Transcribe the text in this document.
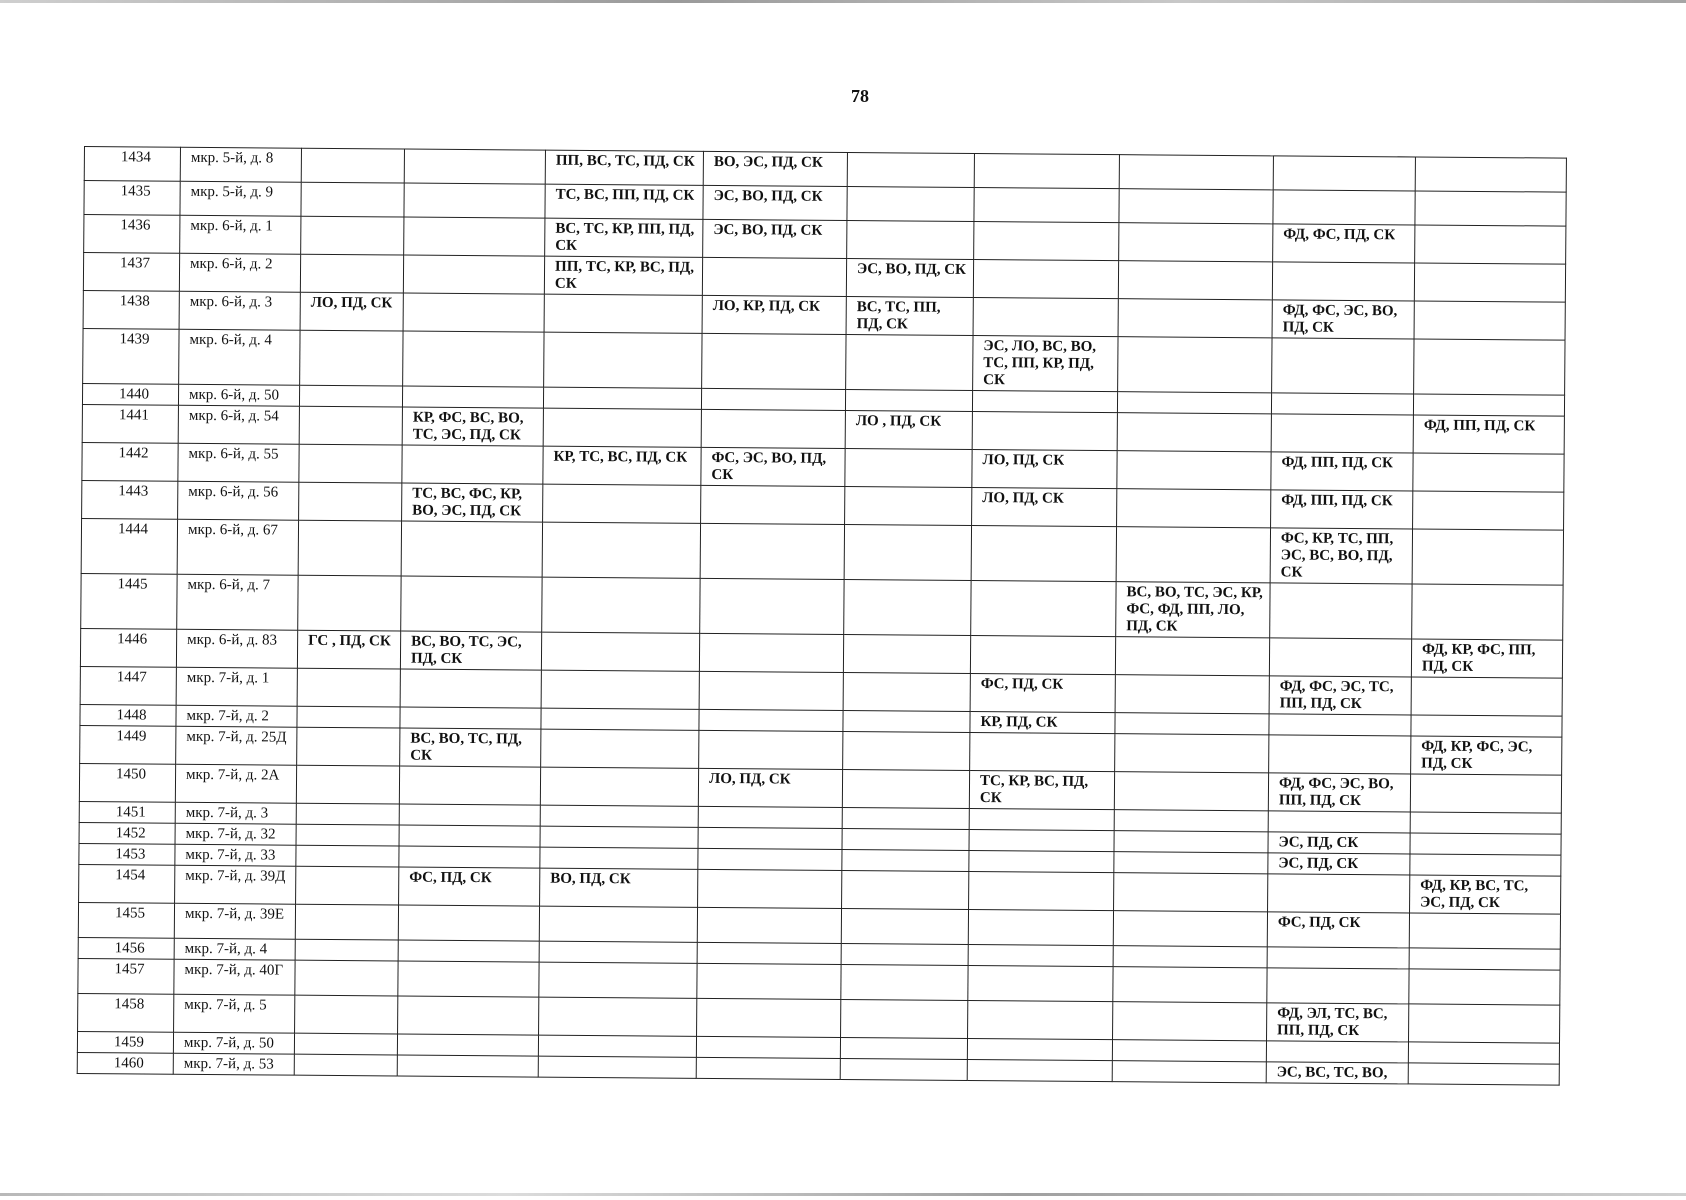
78
1434	мкр. 5-й, д. 8			ПП, ВС, ТС, ПД, СК	ВО, ЭС, ПД, СК					
1435	мкр. 5-й, д. 9			ТС, ВС, ПП, ПД, СК	ЭС, ВО, ПД, СК					
1436	мкр. 6-й, д. 1			ВС, ТС, КР, ПП, ПД, СК	ЭС, ВО, ПД, СК				ФД, ФС, ПД, СК	
1437	мкр. 6-й, д. 2			ПП, ТС, КР, ВС, ПД, СК		ЭС, ВО, ПД, СК				
1438	мкр. 6-й, д. 3	ЛО, ПД, СК			ЛО, КР, ПД, СК	ВС, ТС, ПП, ПД, СК			ФД, ФС, ЭС, ВО, ПД, СК	
1439	мкр. 6-й, д. 4						ЭС, ЛО, ВС, ВО, ТС, ПП, КР, ПД, СК			
1440	мкр. 6-й, д. 50									
1441	мкр. 6-й, д. 54		КР, ФС, ВС, ВО, ТС, ЭС, ПД, СК			ЛО , ПД, СК				ФД, ПП, ПД, СК
1442	мкр. 6-й, д. 55			КР, ТС, ВС, ПД, СК	ФС, ЭС, ВО, ПД, СК		ЛО, ПД, СК		ФД, ПП, ПД, СК	
1443	мкр. 6-й, д. 56		ТС, ВС, ФС, КР, ВО, ЭС, ПД, СК				ЛО, ПД, СК		ФД, ПП, ПД, СК	
1444	мкр. 6-й, д. 67								ФС, КР, ТС, ПП, ЭС, ВС, ВО, ПД, СК	
1445	мкр. 6-й, д. 7							ВС, ВО, ТС, ЭС, КР, ФС, ФД, ПП, ЛО, ПД, СК		
1446	мкр. 6-й, д. 83	ГС , ПД, СК	ВС, ВО, ТС, ЭС, ПД, СК							ФД, КР, ФС, ПП, ПД, СК
1447	мкр. 7-й, д. 1						ФС, ПД, СК		ФД, ФС, ЭС, ТС, ПП, ПД, СК	
1448	мкр. 7-й, д. 2						КР, ПД, СК			
1449	мкр. 7-й, д. 25Д		ВС, ВО, ТС, ПД, СК							ФД, КР, ФС, ЭС, ПД, СК
1450	мкр. 7-й, д. 2А				ЛО, ПД, СК		ТС, КР, ВС, ПД, СК		ФД, ФС, ЭС, ВО, ПП, ПД, СК	
1451	мкр. 7-й, д. 3									
1452	мкр. 7-й, д. 32								ЭС, ПД, СК	
1453	мкр. 7-й, д. 33								ЭС, ПД, СК	
1454	мкр. 7-й, д. 39Д		ФС, ПД, СК	ВО, ПД, СК						ФД, КР, ВС, ТС, ЭС, ПД, СК
1455	мкр. 7-й, д. 39Е								ФС, ПД, СК	
1456	мкр. 7-й, д. 4									
1457	мкр. 7-й, д. 40Г									
1458	мкр. 7-й, д. 5								ФД, ЭЛ, ТС, ВС, ПП, ПД, СК	
1459	мкр. 7-й, д. 50									
1460	мкр. 7-й, д. 53								ЭС, ВС, ТС, ВО,	
